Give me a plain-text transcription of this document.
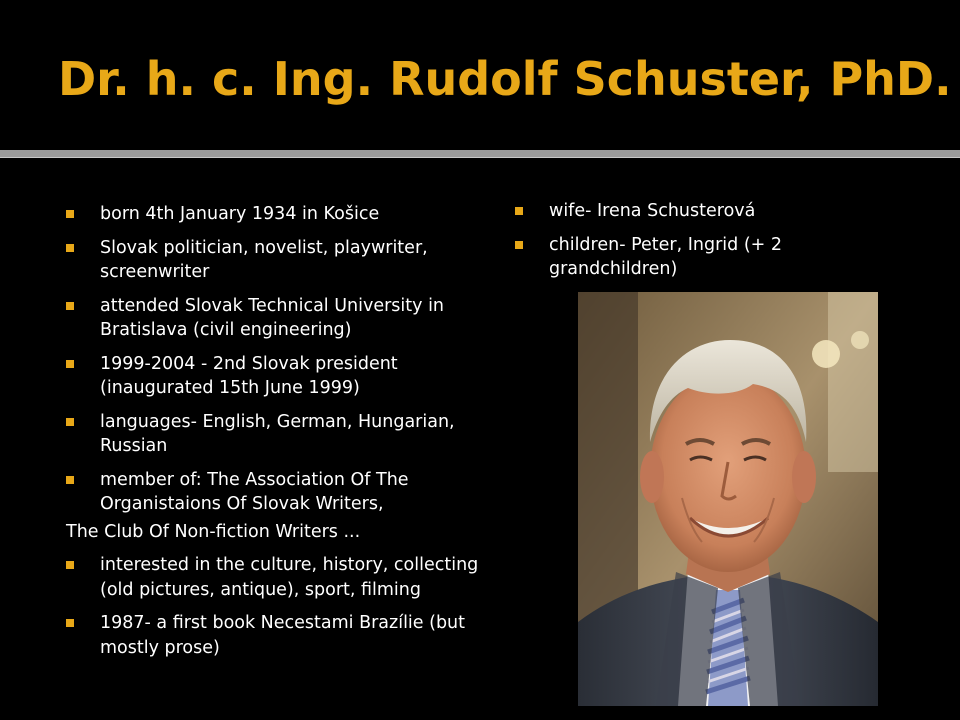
Dr. h. c. Ing. Rudolf Schuster, PhD.
born 4th January 1934 in Košice
Slovak politician, novelist, playwriter, screenwriter
attended Slovak Technical University in Bratislava (civil engineering)
1999-2004 - 2nd Slovak president (inaugurated 15th June 1999)
languages- English, German, Hungarian, Russian
member of: The Association Of The Organistaions Of Slovak Writers,
The Club Of Non-fiction Writers ...
interested in the culture, history, collecting (old pictures, antique), sport, filming
1987- a first book Necestami Brazílie (but mostly prose)
wife- Irena Schusterová
children- Peter, Ingrid (+ 2 grandchildren)
